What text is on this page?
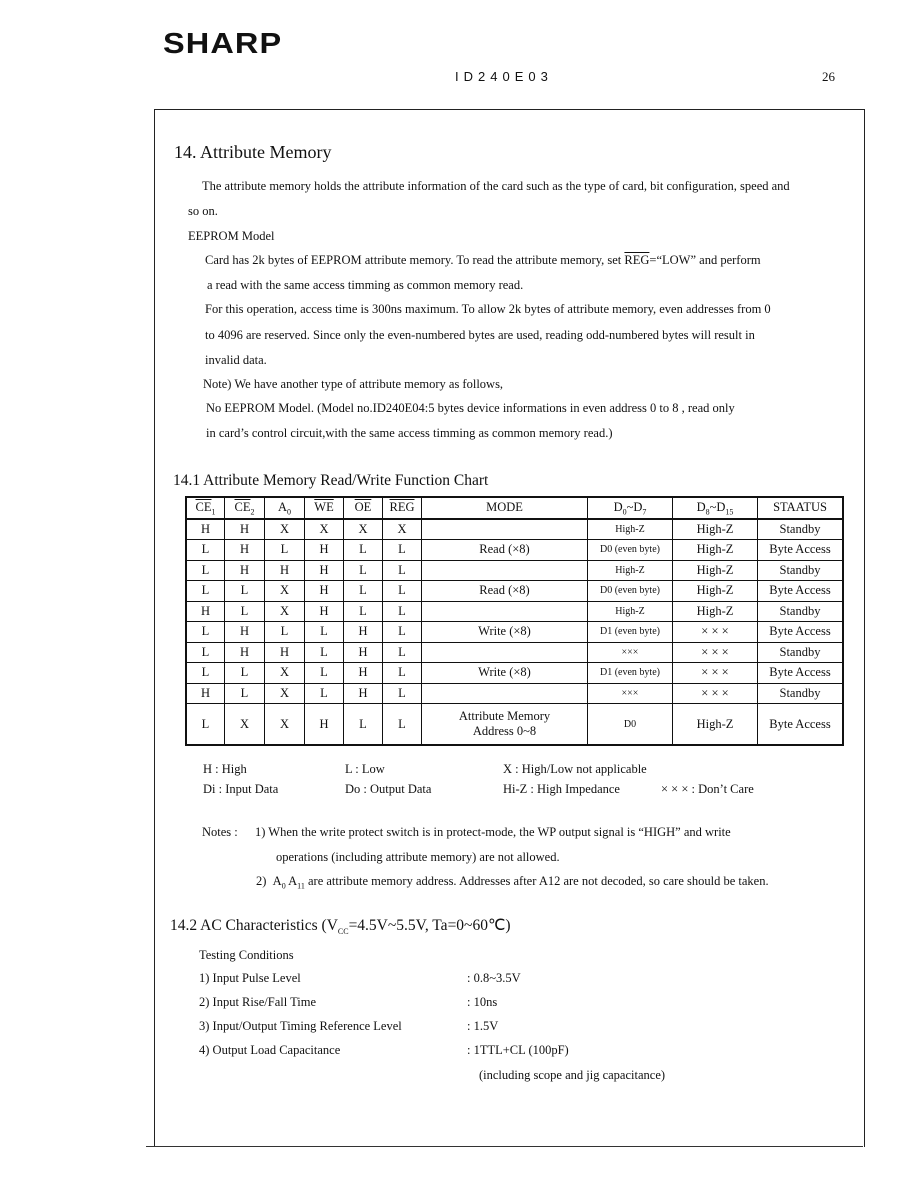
SHARP
ID240E03	26
14. Attribute Memory
The attribute memory holds the attribute information of the card such as the type of card, bit configuration, speed and
so on.
EEPROM Model
Card has 2k bytes of EEPROM attribute memory. To read the attribute memory, set $\overline{REG}=“LOW$” and perform
a read with the same access timming as common memory read.
For this operation, access time is 300ns maximum. To allow 2k bytes of attribute memory, even addresses from 0
to 4096 are reserved. Since only the even-numbered bytes are used, reading odd-numbered bytes will result in
invalid data.
Note) We have another type of attribute memory as follows,
No EEPROM Model. (Model no.ID240E04:5 bytes device informations in even address 0 to 8 , read only
in card’s control circuit,with the same access timming as common memory read.)
14.1 Attribute Memory Read/Write Function Chart
$\overline{CE}_1$	$\overline{CE}_2$	$A_0$	$\overline{WE}$	$\overline{OE}$	$\overline{REG}$	MODE	$D_0\sim D_7$	$D_8\sim D_{15}$	STAATUS
H	H	X	X	X	X		High-Z	High-Z	Standby
L	H	L	H	L	L	Read (×8)	D0 (even byte)	High-Z	Byte Access
L	H	H	H	L	L		High-Z	High-Z	Standby
L	L	X	H	L	L	Read (×8)	D0 (even byte)	High-Z	Byte Access
H	L	X	H	L	L		High-Z	High-Z	Standby
L	H	L	L	H	L	Write (×8)	D1 (even byte)	× × ×	Byte Access
L	H	H	L	H	L		×××	× × ×	Standby
L	L	X	L	H	L	Write (×8)	D1 (even byte)	× × ×	Byte Access
H	L	X	L	H	L		×××	× × ×	Standby
L	X	X	H	L	L	Attribute Memory
Address 0~8	D0	High-Z	Byte Access
H : High	L : Low	X : High/Low not applicable
Di : Input Data	Do : Output Data	Hi-Z : High Impedance	× × × : Don’t Care
Notes : 1) When the write protect switch is in protect-mode, the WP output signal is “HIGH” and write
operations (including attribute memory) are not allowed.
2)  $A_0$ $A_{11}$ are attribute memory address. Addresses after A12 are not decoded, so care should be taken.
14.2 AC Characteristics ($V_{CC}=4.5V\sim 5.5V$, Ta=0~60℃)
Testing Conditions
1) Input Pulse Level	: 0.8~3.5V
2) Input Rise/Fall Time	: 10ns
3) Input/Output Timing Reference Level	: 1.5V
4) Output Load Capacitance	: 1TTL+CL (100pF)
(including scope and jig capacitance)
